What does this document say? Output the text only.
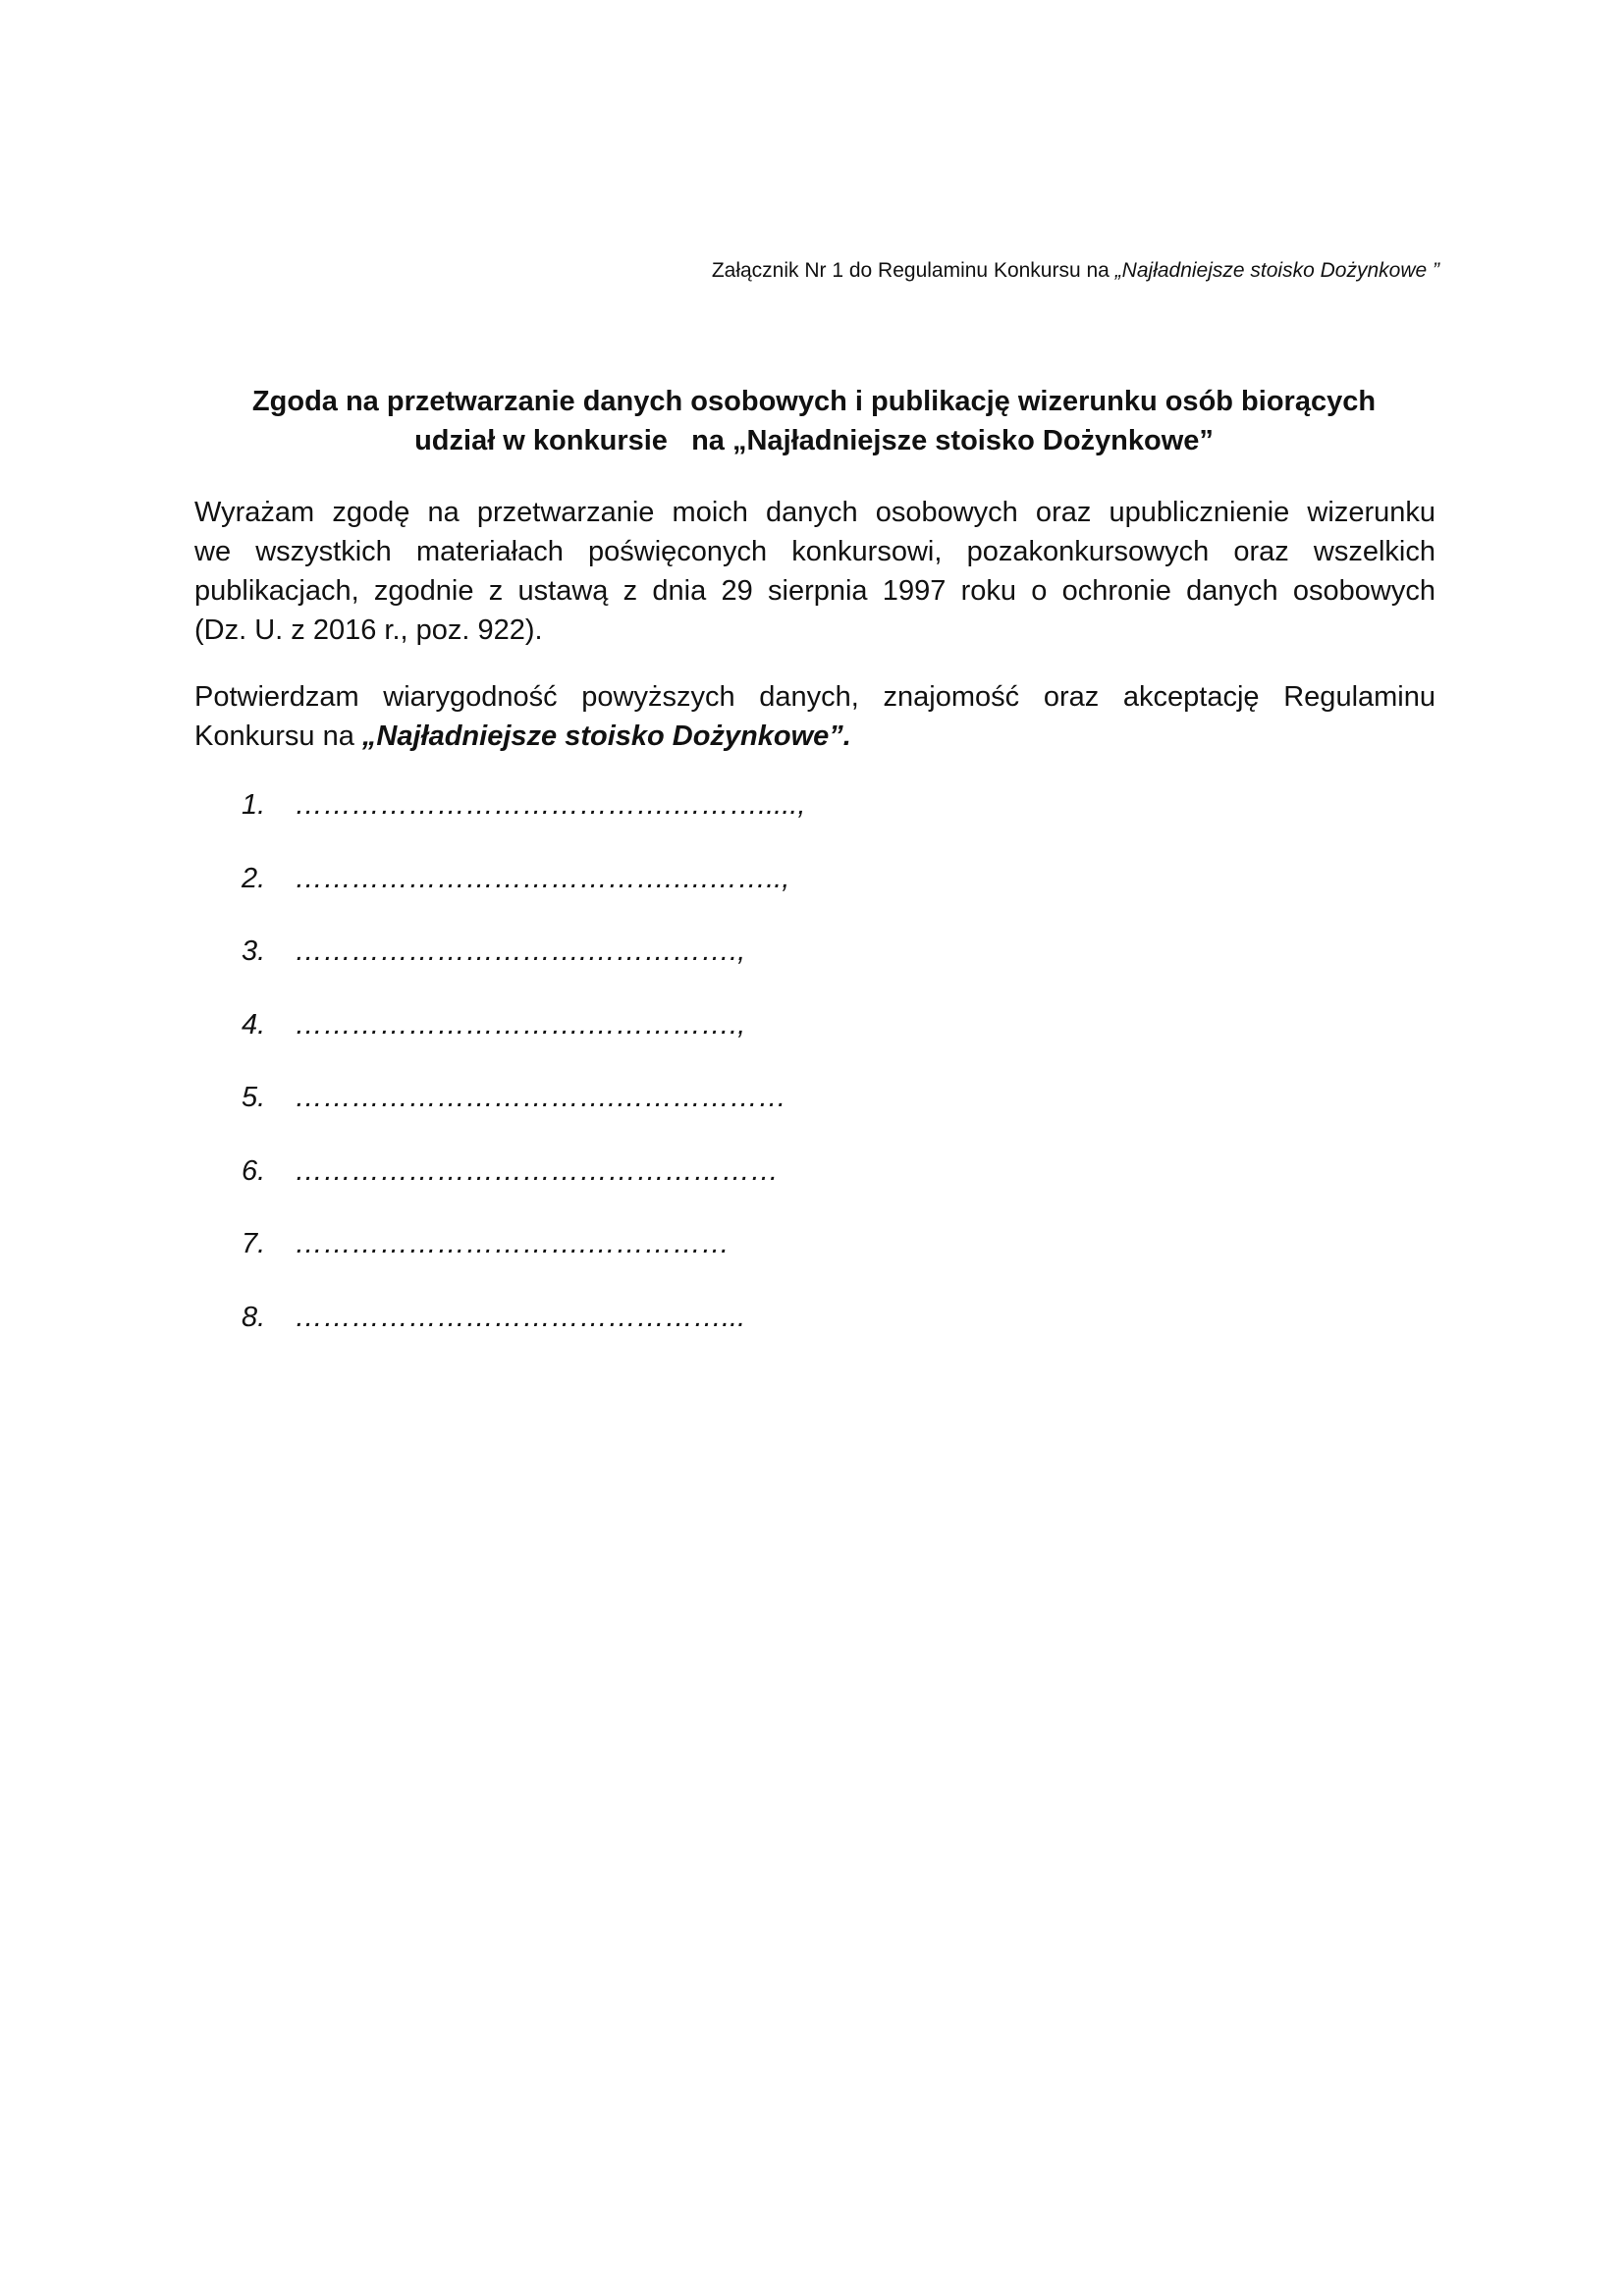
Załącznik Nr 1 do Regulaminu Konkursu na „Najładniejsze stoisko Dożynkowe ”
Zgoda na przetwarzanie danych osobowych i publikację wizerunku osób biorących
udział w konkursie   na „Najładniejsze stoisko Dożynkowe”
Wyrażam zgodę na przetwarzanie moich danych osobowych oraz upublicznienie wizerunku
we wszystkich materiałach poświęconych konkursowi, pozakonkursowych oraz wszelkich
publikacjach, zgodnie z ustawą z dnia 29 sierpnia 1997 roku o ochronie danych osobowych
(Dz. U. z 2016 r., poz. 922).
Potwierdzam wiarygodność powyższych danych, znajomość oraz akceptację Regulaminu
Konkursu na „Najładniejsze stoisko Dożynkowe”.
1. ………………………………….……….....,
2. ………………………………….….……..,
3. ………………………….…………….,
4. ………………………….…………….,
5. …………………………….………………
6. ……………………………………………
7. ………………………….……………
8. ………………………………………...
